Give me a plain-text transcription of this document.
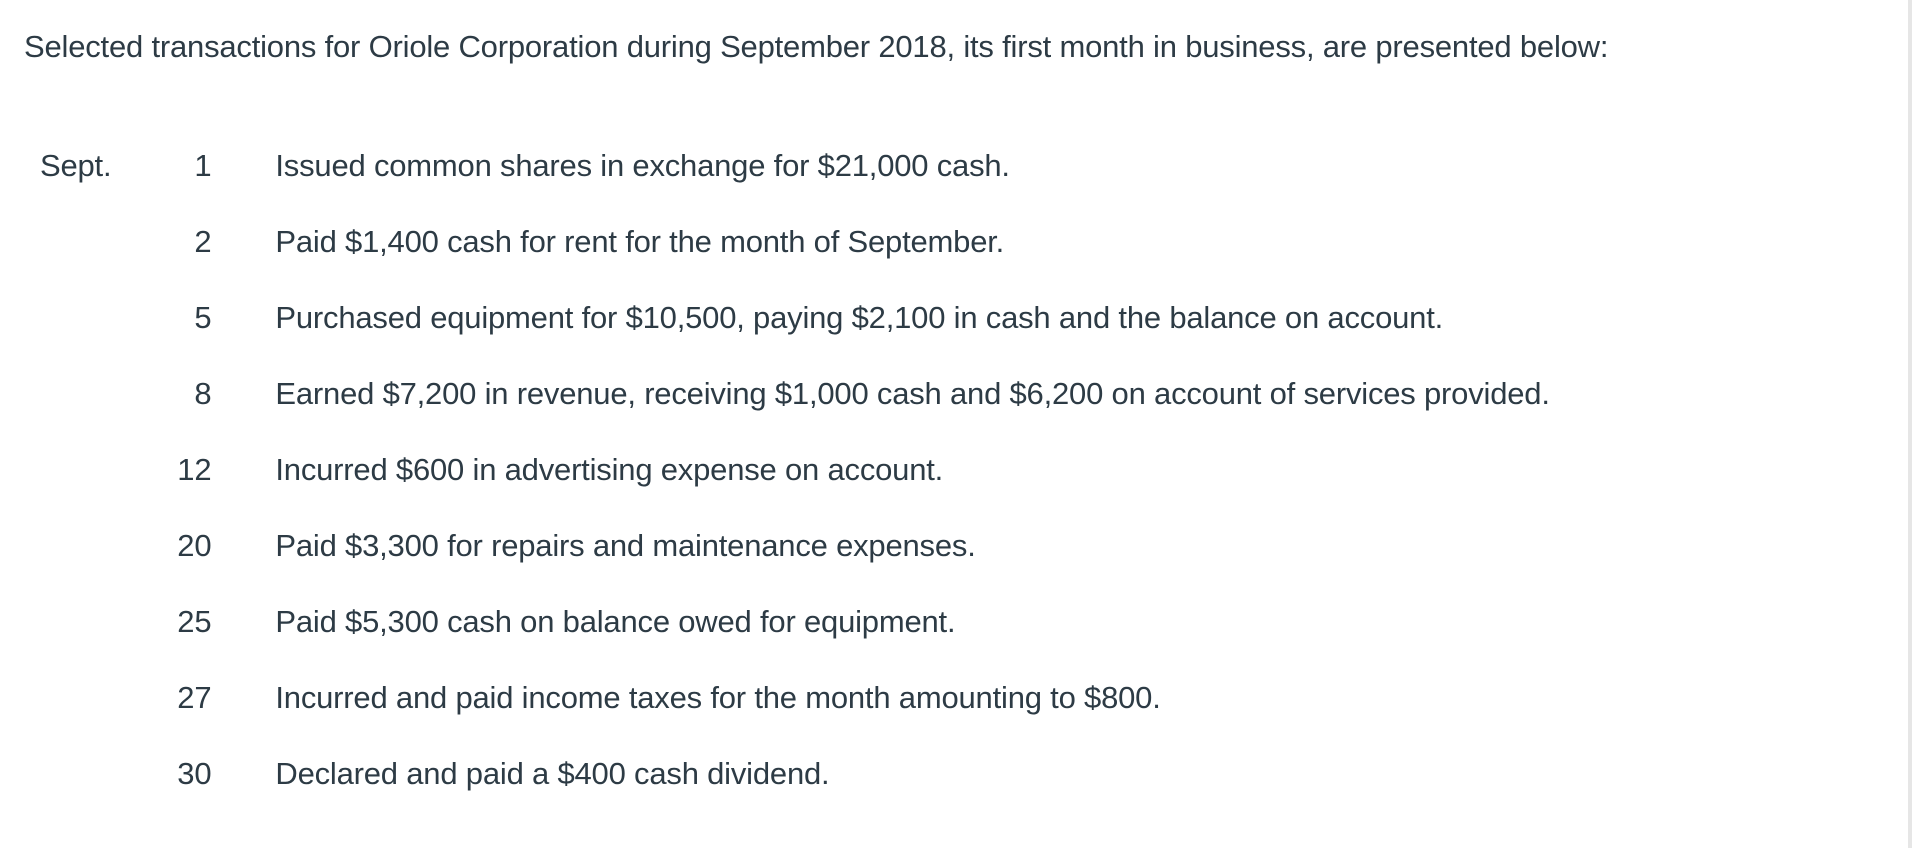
Selected transactions for Oriole Corporation during September 2018, its first month in business, are presented below:
Sept.	1	Issued common shares in exchange for $21,000 cash.
	2	Paid $1,400 cash for rent for the month of September.
	5	Purchased equipment for $10,500, paying $2,100 in cash and the balance on account.
	8	Earned $7,200 in revenue, receiving $1,000 cash and $6,200 on account of services provided.
	12	Incurred $600 in advertising expense on account.
	20	Paid $3,300 for repairs and maintenance expenses.
	25	Paid $5,300 cash on balance owed for equipment.
	27	Incurred and paid income taxes for the month amounting to $800.
	30	Declared and paid a $400 cash dividend.
